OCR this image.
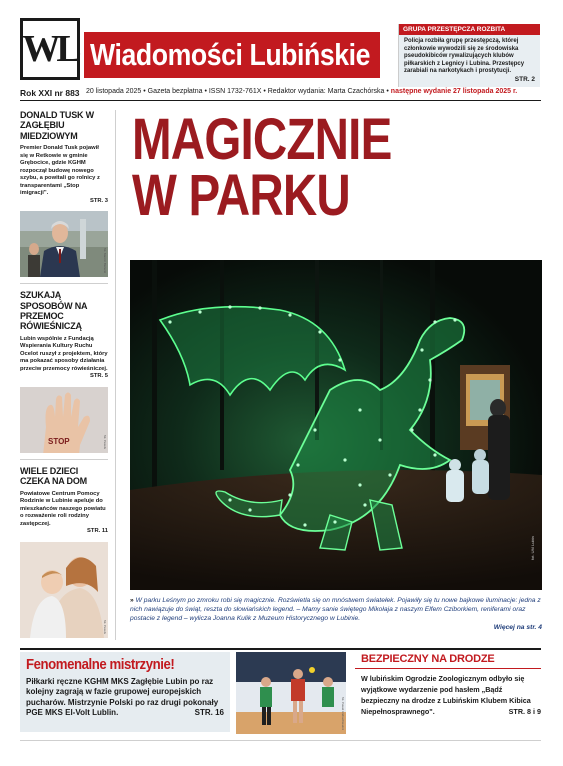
WL Wiadomości Lubińskie
Rok XXI nr 883 20 listopada 2025 • Gazeta bezpłatna • ISSN 1732-761X • Redaktor wydania: Marta Czachórska • następne wydanie 27 listopada 2025 r.
GRUPA PRZESTĘPCZA ROZBITA
Policja rozbiła grupę przestępczą, której członkowie wywodzili się ze środowiska pseudokibiców rywalizujących klubów piłkarskich z Legnicy i Lubina. Przestępcy zarabiali na narkotykach i prostytucji.
STR. 2
DONALD TUSK W ZAGŁĘBIU MIEDZIOWYM
Premier Donald Tusk pojawił się w Retkowie w gminie Grębocice, gdzie KGHM rozpoczął budowę nowego szybu, a powitali go rolnicy z transparentami „Stop imigracji".
STR. 3
fot. Marcin Bielecki
SZUKAJĄ SPOSOBÓW NA PRZEMOC RÓWIEŚNICZĄ
Lubin wspólnie z Fundacją Wspierania Kultury Ruchu Ocelot ruszył z projektem, który ma pokazać sposoby działania przeciw przemocy rówieśniczej.
STR. 5
STOP	fot. Pexels
WIELE DZIECI CZEKA NA DOM
Powiatowe Centrum Pomocy Rodzinie w Lubinie apeluje do mieszkańców naszego powiatu o rozważenie roli rodziny zastępczej.
STR. 11
fot. Pexels
MAGICZNIE
W PARKU
fot. UM Lubin
» W parku Leśnym po zmroku robi się magicznie. Rozświetla się on mnóstwem światełek. Pojawiły się tu nowe bajkowe iluminacje: jedna z nich nawiązuje do świąt, reszta do słowiańskich legend. – Mamy sanie świętego Mikołaja z naszym Elfem Cziborkiem, reniferami oraz postacie z legend – wylicza Joanna Kulik z Muzeum Historycznego w Lubinie.
Więcej na str. 4
Fenomenalne mistrzynie!
Piłkarki ręczne KGHM MKS Zagłębie Lubin po raz kolejny zagrają w fazie grupowej europejskich pucharów. Mistrzynie Polski po raz drugi pokonały PGE MKS El-Volt Lublin.	STR. 16	fot. Paweł Andrachiewicz
BEZPIECZNY NA DRODZE
W lubińskim Ogrodzie Zoologicznym odbyło się wyjątkowe wydarzenie pod hasłem „Bądź bezpieczny na drodze z Lubińskim Klubem Kibica Niepełnosprawnego".	STR. 8 i 9
